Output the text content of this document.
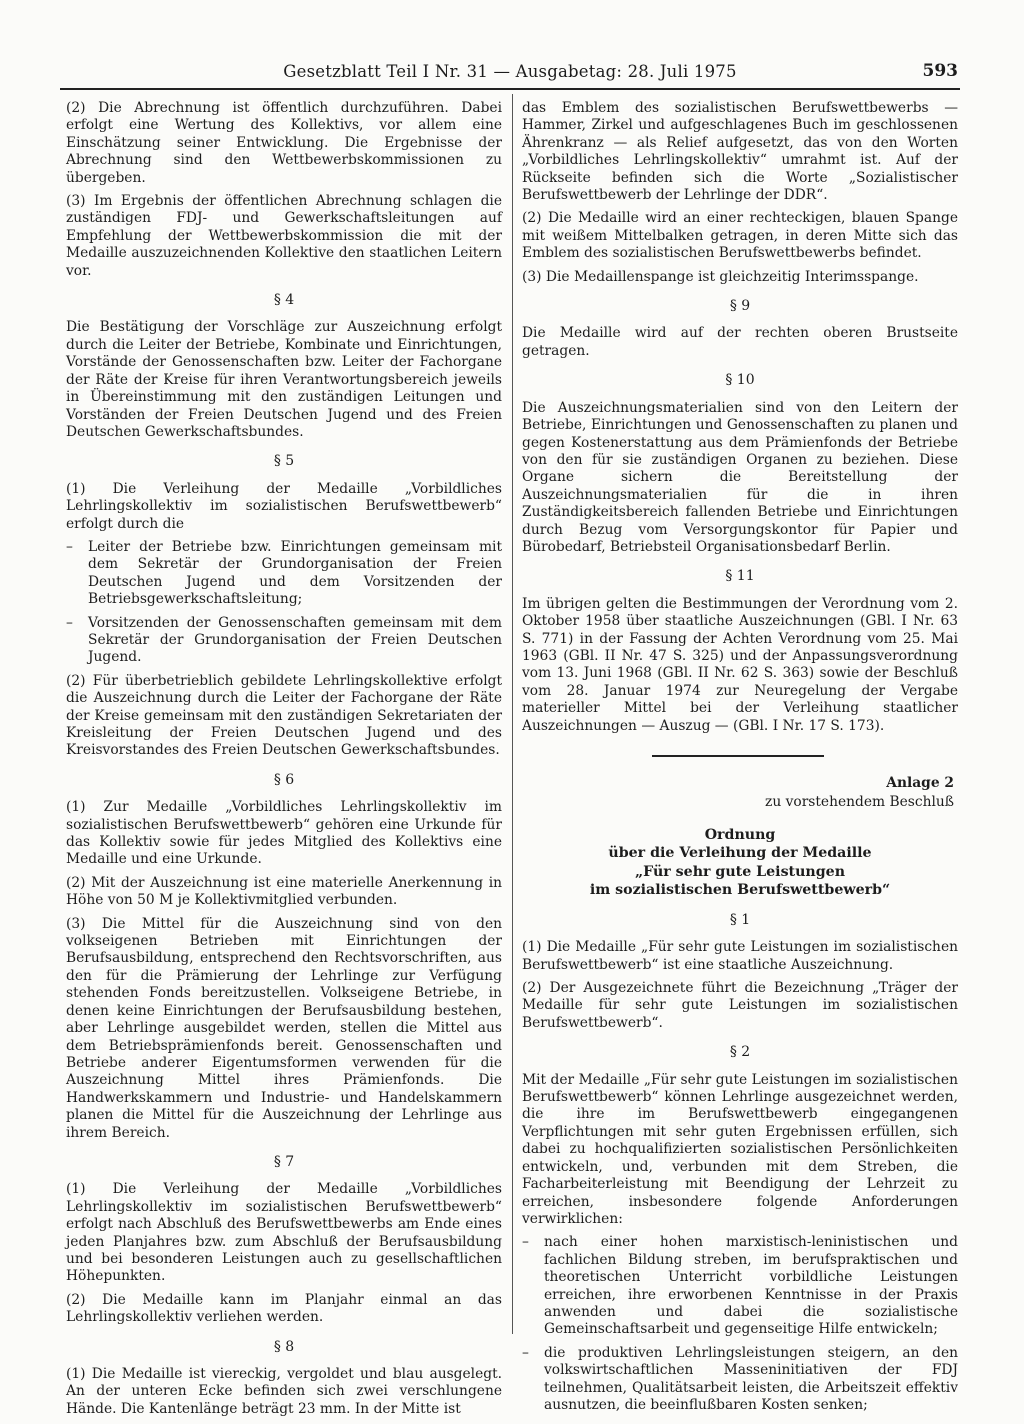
Gesetzblatt Teil I Nr. 31 — Ausgabetag: 28. Juli 1975	593

(2) Die Abrechnung ist öffentlich durchzuführen. Dabei erfolgt eine Wertung des Kollektivs, vor allem eine Einschätzung seiner Entwicklung. Die Ergebnisse der Abrechnung sind den Wettbewerbskommissionen zu übergeben.

(3) Im Ergebnis der öffentlichen Abrechnung schlagen die zuständigen FDJ- und Gewerkschaftsleitungen auf Empfehlung der Wettbewerbskommission die mit der Medaille auszuzeichnenden Kollektive den staatlichen Leitern vor.

§ 4

Die Bestätigung der Vorschläge zur Auszeichnung erfolgt durch die Leiter der Betriebe, Kombinate und Einrichtungen, Vorstände der Genossenschaften bzw. Leiter der Fachorgane der Räte der Kreise für ihren Verantwortungsbereich jeweils in Übereinstimmung mit den zuständigen Leitungen und Vorständen der Freien Deutschen Jugend und des Freien Deutschen Gewerkschaftsbundes.

§ 5

(1) Die Verleihung der Medaille „Vorbildliches Lehrlingskollektiv im sozialistischen Berufswettbewerb“ erfolgt durch die

– Leiter der Betriebe bzw. Einrichtungen gemeinsam mit dem Sekretär der Grundorganisation der Freien Deutschen Jugend und dem Vorsitzenden der Betriebsgewerkschaftsleitung;
– Vorsitzenden der Genossenschaften gemeinsam mit dem Sekretär der Grundorganisation der Freien Deutschen Jugend.

(2) Für überbetrieblich gebildete Lehrlingskollektive erfolgt die Auszeichnung durch die Leiter der Fachorgane der Räte der Kreise gemeinsam mit den zuständigen Sekretariaten der Kreisleitung der Freien Deutschen Jugend und des Kreisvorstandes des Freien Deutschen Gewerkschaftsbundes.

§ 6

(1) Zur Medaille „Vorbildliches Lehrlingskollektiv im sozialistischen Berufswettbewerb“ gehören eine Urkunde für das Kollektiv sowie für jedes Mitglied des Kollektivs eine Medaille und eine Urkunde.

(2) Mit der Auszeichnung ist eine materielle Anerkennung in Höhe von 50 M je Kollektivmitglied verbunden.

(3) Die Mittel für die Auszeichnung sind von den volkseigenen Betrieben mit Einrichtungen der Berufsausbildung, entsprechend den Rechtsvorschriften, aus den für die Prämierung der Lehrlinge zur Verfügung stehenden Fonds bereitzustellen. Volkseigene Betriebe, in denen keine Einrichtungen der Berufsausbildung bestehen, aber Lehrlinge ausgebildet werden, stellen die Mittel aus dem Betriebsprämienfonds bereit. Genossenschaften und Betriebe anderer Eigentumsformen verwenden für die Auszeichnung Mittel ihres Prämienfonds. Die Handwerkskammern und Industrie- und Handelskammern planen die Mittel für die Auszeichnung der Lehrlinge aus ihrem Bereich.

§ 7

(1) Die Verleihung der Medaille „Vorbildliches Lehrlingskollektiv im sozialistischen Berufswettbewerb“ erfolgt nach Abschluß des Berufswettbewerbs am Ende eines jeden Planjahres bzw. zum Abschluß der Berufsausbildung und bei besonderen Leistungen auch zu gesellschaftlichen Höhepunkten.

(2) Die Medaille kann im Planjahr einmal an das Lehrlingskollektiv verliehen werden.

§ 8

(1) Die Medaille ist viereckig, vergoldet und blau ausgelegt. An der unteren Ecke befinden sich zwei verschlungene Hände. Die Kantenlänge beträgt 23 mm. In der Mitte ist

das Emblem des sozialistischen Berufswettbewerbs — Hammer, Zirkel und aufgeschlagenes Buch im geschlossenen Ährenkranz — als Relief aufgesetzt, das von den Worten „Vorbildliches Lehrlingskollektiv“ umrahmt ist. Auf der Rückseite befinden sich die Worte „Sozialistischer Berufswettbewerb der Lehrlinge der DDR“.

(2) Die Medaille wird an einer rechteckigen, blauen Spange mit weißem Mittelbalken getragen, in deren Mitte sich das Emblem des sozialistischen Berufswettbewerbs befindet.

(3) Die Medaillenspange ist gleichzeitig Interimsspange.

§ 9

Die Medaille wird auf der rechten oberen Brustseite getragen.

§ 10

Die Auszeichnungsmaterialien sind von den Leitern der Betriebe, Einrichtungen und Genossenschaften zu planen und gegen Kostenerstattung aus dem Prämienfonds der Betriebe von den für sie zuständigen Organen zu beziehen. Diese Organe sichern die Bereitstellung der Auszeichnungsmaterialien für die in ihren Zuständigkeitsbereich fallenden Betriebe und Einrichtungen durch Bezug vom Versorgungskontor für Papier und Bürobedarf, Betriebsteil Organisationsbedarf Berlin.

§ 11

Im übrigen gelten die Bestimmungen der Verordnung vom 2. Oktober 1958 über staatliche Auszeichnungen (GBl. I Nr. 63 S. 771) in der Fassung der Achten Verordnung vom 25. Mai 1963 (GBl. II Nr. 47 S. 325) und der Anpassungsverordnung vom 13. Juni 1968 (GBl. II Nr. 62 S. 363) sowie der Beschluß vom 28. Januar 1974 zur Neuregelung der Vergabe materieller Mittel bei der Verleihung staatlicher Auszeichnungen — Auszug — (GBl. I Nr. 17 S. 173).

Anlage 2
zu vorstehendem Beschluß
Ordnung
über die Verleihung der Medaille
„Für sehr gute Leistungen
im sozialistischen Berufswettbewerb“
§ 1

(1) Die Medaille „Für sehr gute Leistungen im sozialistischen Berufswettbewerb“ ist eine staatliche Auszeichnung.

(2) Der Ausgezeichnete führt die Bezeichnung „Träger der Medaille für sehr gute Leistungen im sozialistischen Berufswettbewerb“.

§ 2

Mit der Medaille „Für sehr gute Leistungen im sozialistischen Berufswettbewerb“ können Lehrlinge ausgezeichnet werden, die ihre im Berufswettbewerb eingegangenen Verpflichtungen mit sehr guten Ergebnissen erfüllen, sich dabei zu hochqualifizierten sozialistischen Persönlichkeiten entwickeln, und, verbunden mit dem Streben, die Facharbeiterleistung mit Beendigung der Lehrzeit zu erreichen, insbesondere folgende Anforderungen verwirklichen:

– nach einer hohen marxistisch-leninistischen und fachlichen Bildung streben, im berufspraktischen und theoretischen Unterricht vorbildliche Leistungen erreichen, ihre erworbenen Kenntnisse in der Praxis anwenden und dabei die sozialistische Gemeinschaftsarbeit und gegenseitige Hilfe entwickeln;
– die produktiven Lehrlingsleistungen steigern, an den volkswirtschaftlichen Masseninitiativen der FDJ teilnehmen, Qualitätsarbeit leisten, die Arbeitszeit effektiv ausnutzen, die beeinflußbaren Kosten senken;
